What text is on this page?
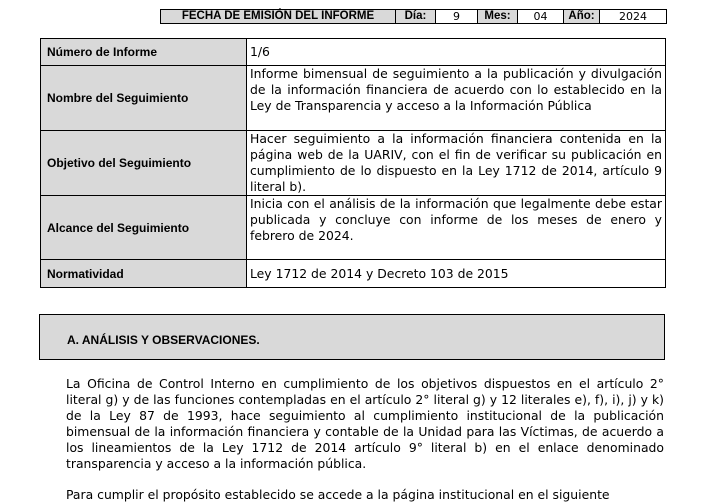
FECHA DE EMISIÓN DEL INFORME	Día:	9	Mes:	04	Año:	2024
Número de Informe	1/6
Nombre del Seguimiento	Informe bimensual de seguimiento a la publicación y divulgación de la información financiera de acuerdo con lo establecido en la Ley de Transparencia y acceso a la Información Pública
Objetivo del Seguimiento	Hacer seguimiento a la información financiera contenida en la página web de la UARIV, con el fin de verificar su publicación en cumplimiento de lo dispuesto en la Ley 1712 de 2014, artículo 9 literal b).
Alcance del Seguimiento	Inicia con el análisis de la información que legalmente debe estar publicada y concluye con informe de los meses de enero y febrero de 2024.
Normatividad	Ley 1712 de 2014 y Decreto 103 de 2015
A. ANÁLISIS Y OBSERVACIONES.

La Oficina de Control Interno en cumplimiento de los objetivos dispuestos en el artículo 2° literal g) y de las funciones contempladas en el artículo 2° literal g) y 12 literales e), f), i), j) y k) de la Ley 87 de 1993, hace seguimiento al cumplimiento institucional de la publicación bimensual de la información financiera y contable de la Unidad para las Víctimas, de acuerdo a los lineamientos de la Ley 1712 de 2014 artículo 9° literal b) en el enlace denominado transparencia y acceso a la información pública.

Para cumplir el propósito establecido se accede a la página institucional en el siguiente
